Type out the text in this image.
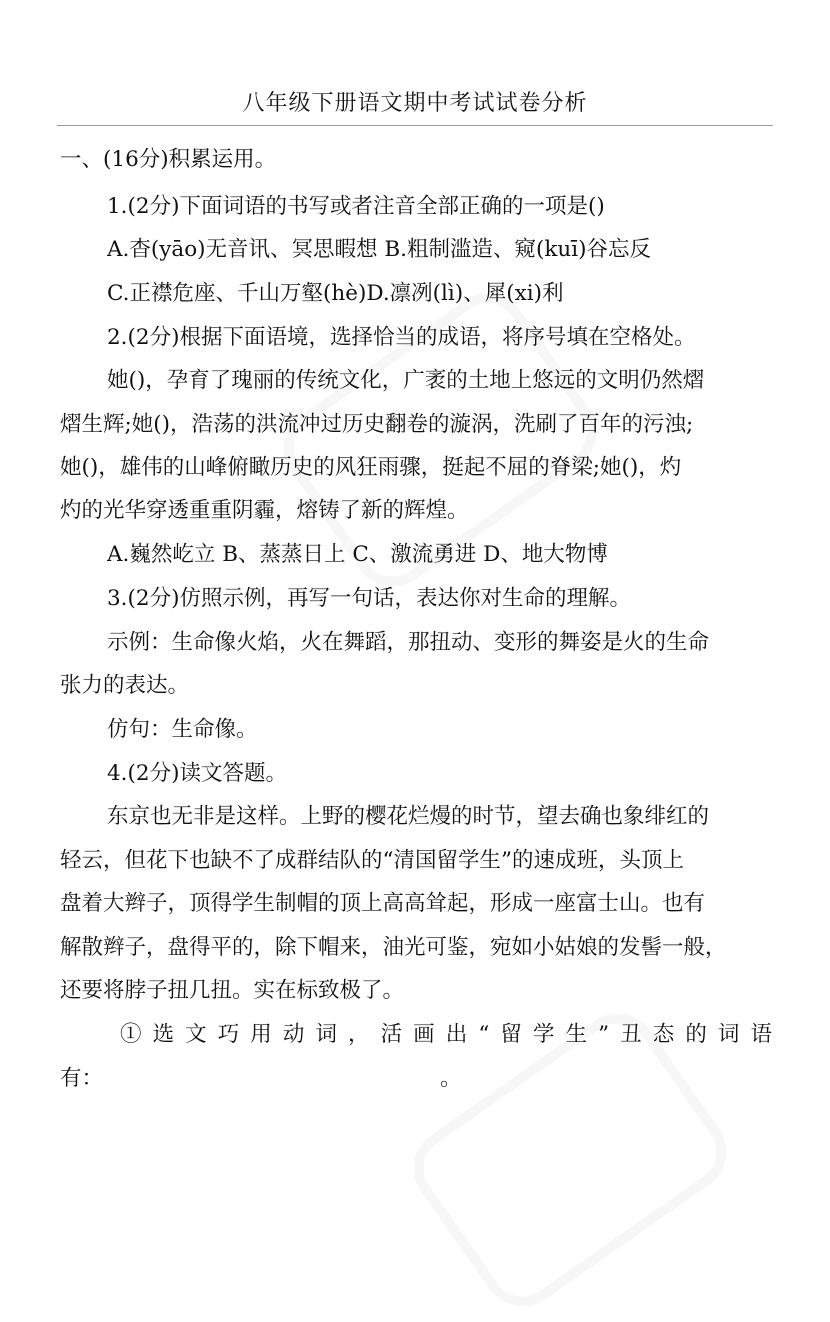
八年级下册语文期中考试试卷分析
一、(16分)积累运用。
1.(2分)下面词语的书写或者注音全部正确的一项是()
A.杳(yāo)无音讯、冥思暇想 B.粗制滥造、窥(kuī)谷忘反
C.正襟危座、千山万壑(hè)D.凛冽(lì)、犀(xi)利
2.(2分)根据下面语境，选择恰当的成语，将序号填在空格处。
她()，孕育了瑰丽的传统文化，广袤的土地上悠远的文明仍然熠
熠生辉;她()，浩荡的洪流冲过历史翻卷的漩涡，洗刷了百年的污浊;
她()，雄伟的山峰俯瞰历史的风狂雨骤，挺起不屈的脊梁;她()，灼
灼的光华穿透重重阴霾，熔铸了新的辉煌。
A.巍然屹立 B、蒸蒸日上 C、激流勇进 D、地大物博
3.(2分)仿照示例，再写一句话，表达你对生命的理解。
示例：生命像火焰，火在舞蹈，那扭动、变形的舞姿是火的生命
张力的表达。
仿句：生命像。
4.(2分)读文答题。
东京也无非是这样。上野的樱花烂熳的时节，望去确也象绯红的
轻云，但花下也缺不了成群结队的“清国留学生”的速成班，头顶上
盘着大辫子，顶得学生制帽的顶上高高耸起，形成一座富士山。也有
解散辫子，盘得平的，除下帽来，油光可鉴，宛如小姑娘的发髻一般，
还要将脖子扭几扭。实在标致极了。
①选文巧用动词，活画出“留学生”丑态的词语
有：	。
